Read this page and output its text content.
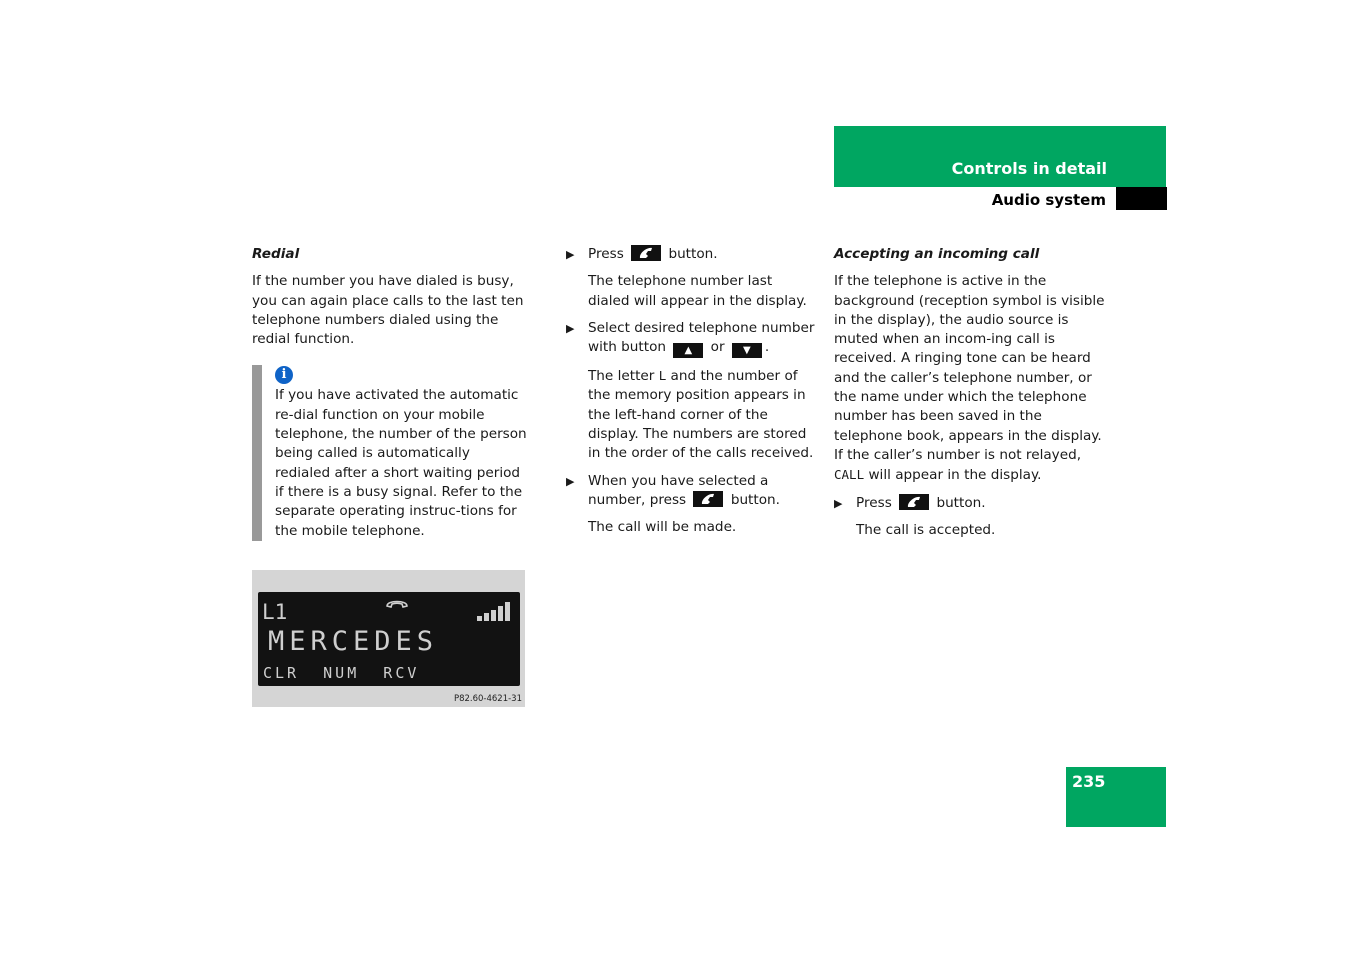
Controls in detail
Audio system
Redial

If the number you have dialed is busy, you can again place calls to the last ten telephone numbers dialed using the redial function.

i
If you have activated the automatic re-dial function on your mobile telephone, the number of the person being called is automatically redialed after a short waiting period if there is a busy signal. Refer to the separate operating instruc-tions for the mobile telephone.
L1
MERCEDES
CLR  NUM  RCV
P82.60-4621-31
▶ Press	button.

The telephone number last dialed will appear in the display.

▶ Select desired telephone number with button ▲ or ▼ .

The letter L and the number of the memory position appears in the left-hand corner of the display. The numbers are stored in the order of the calls received.

▶ When you have selected a number, press	button.

The call will be made.

Accepting an incoming call

If the telephone is active in the background (reception symbol is visible in the display), the audio source is muted when an incom-ing call is received. A ringing tone can be heard and the caller’s telephone number, or the name under which the telephone number has been saved in the telephone book, appears in the display. If the caller’s number is not relayed, CALL will appear in the display.

▶ Press	button.

The call is accepted.

235
